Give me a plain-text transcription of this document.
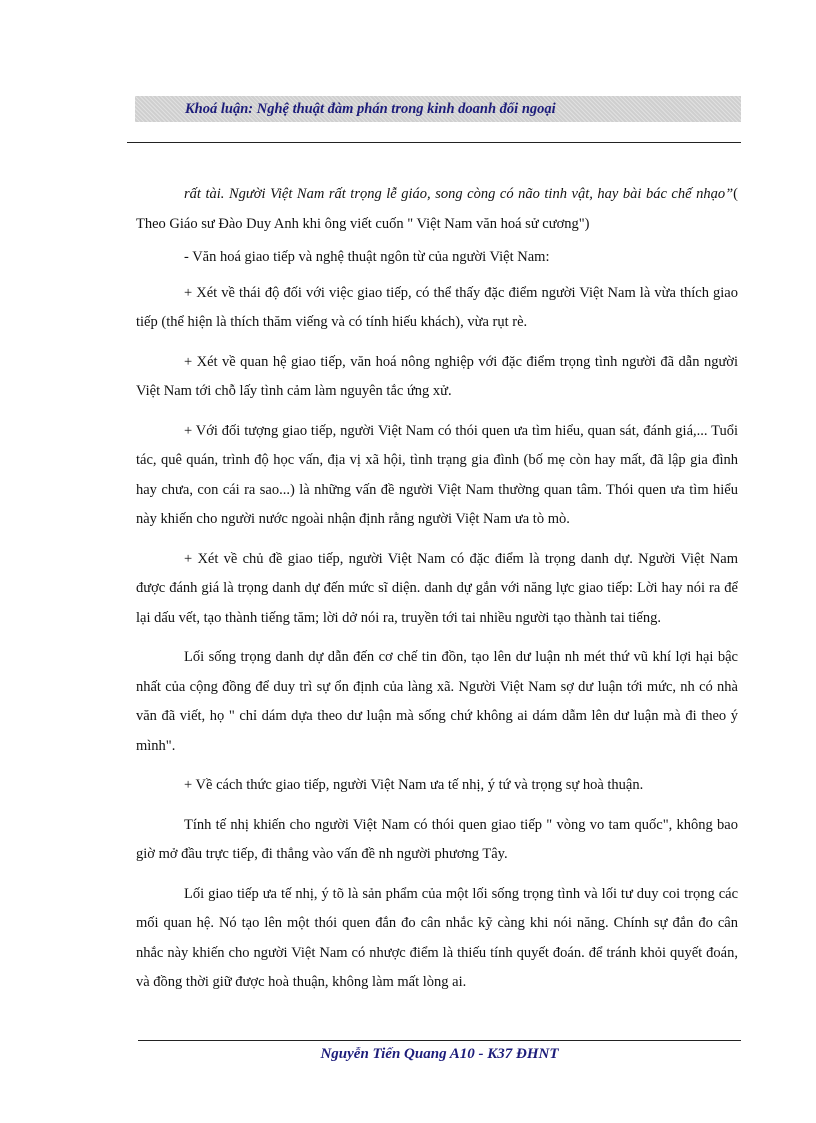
Khoá luận: Nghệ thuật đàm phán trong kinh doanh đối ngoại

rất tài. Người Việt Nam rất trọng lễ giáo, song còng có não tinh vật, hay bài bác chế nhạo”( Theo Giáo sư Đào Duy Anh khi ông viết cuốn " Việt Nam văn hoá sử cương")

- Văn hoá giao tiếp và nghệ thuật ngôn từ của người Việt Nam:

+ Xét về thái độ đối với việc giao tiếp, có thể thấy đặc điểm người Việt Nam là vừa thích giao tiếp (thể hiện là thích thăm viếng và có tính hiếu khách), vừa rụt rè.

+ Xét về quan hệ giao tiếp, văn hoá nông nghiệp với đặc điểm trọng tình người đã dẫn người Việt Nam tới chỗ lấy tình cảm làm nguyên tắc ứng xử.

+ Với đối tượng giao tiếp, người Việt Nam có thói quen ưa tìm hiểu, quan sát, đánh giá,... Tuổi tác, quê quán, trình độ học vấn, địa vị xã hội, tình trạng gia đình (bố mẹ còn hay mất, đã lập gia đình hay chưa, con cái ra sao...) là những vấn đề người Việt Nam thường quan tâm. Thói quen ưa tìm hiểu này khiến cho người nước ngoài nhận định rằng người Việt Nam ưa tò mò.

+ Xét về chủ đề giao tiếp, người Việt Nam có đặc điểm là trọng danh dự. Người Việt Nam được đánh giá là trọng danh dự đến mức sĩ diện. danh dự gắn với năng lực giao tiếp: Lời hay nói ra để lại dấu vết, tạo thành tiếng tăm; lời dở nói ra, truyền tới tai nhiều người tạo thành tai tiếng.

Lối sống trọng danh dự dẫn đến cơ chế tin đồn, tạo lên dư luận nh mét thứ vũ khí lợi hại bậc nhất của cộng đồng để duy trì sự ổn định của làng xã. Người Việt Nam sợ dư luận tới mức, nh có nhà văn đã viết, họ " chỉ dám dựa theo dư luận mà sống chứ không ai dám dẫm lên dư luận mà đi theo ý mình".

+ Về cách thức giao tiếp, người Việt Nam ưa tế nhị, ý tứ và trọng sự hoà thuận.

Tính tế nhị khiến cho người Việt Nam có thói quen giao tiếp " vòng vo tam quốc", không bao giờ mở đầu trực tiếp, đi thẳng vào vấn đề nh người phương Tây.

Lối giao tiếp ưa tế nhị, ý tõ là sản phẩm của một lối sống trọng tình và lối tư duy coi trọng các mối quan hệ. Nó tạo lên một thói quen đắn đo cân nhắc kỹ càng khi nói năng. Chính sự đắn đo cân nhắc này khiến cho người Việt Nam có nhược điểm là thiếu tính quyết đoán. để tránh khỏi quyết đoán, và đồng thời giữ được hoà thuận, không làm mất lòng ai.

Nguyễn Tiến Quang A10 - K37 ĐHNT
